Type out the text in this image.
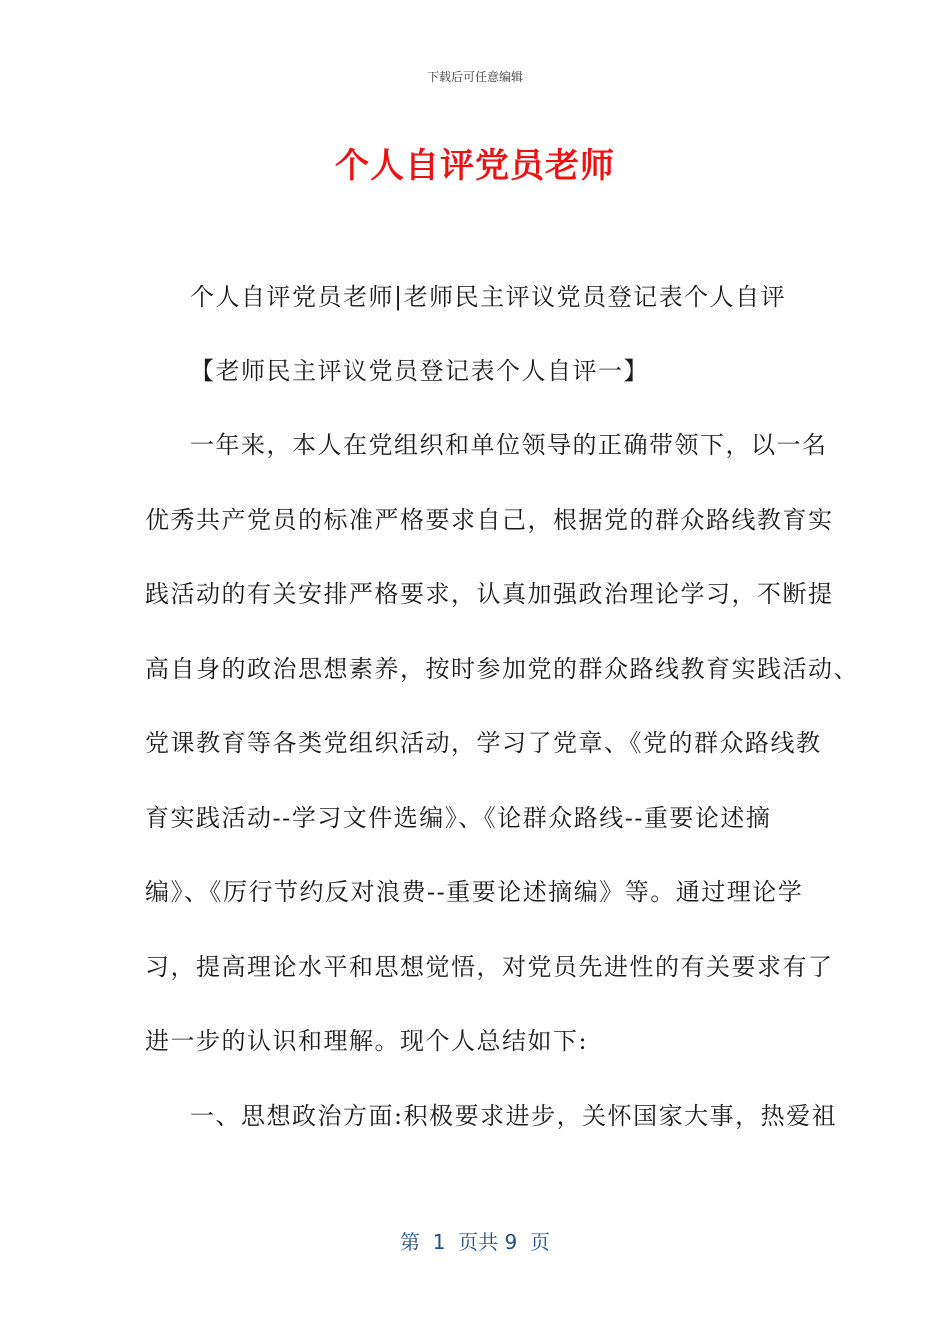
下载后可任意编辑
个人自评党员老师
个人自评党员老师|老师民主评议党员登记表个人自评
【老师民主评议党员登记表个人自评一】
一年来，本人在党组织和单位领导的正确带领下，以一名
优秀共产党员的标准严格要求自己，根据党的群众路线教育实
践活动的有关安排严格要求，认真加强政治理论学习，不断提
高自身的政治思想素养，按时参加党的群众路线教育实践活动、
党课教育等各类党组织活动，学习了党章、《党的群众路线教
育实践活动--学习文件选编》、《论群众路线--重要论述摘
编》、《厉行节约反对浪费--重要论述摘编》等。通过理论学
习，提高理论水平和思想觉悟，对党员先进性的有关要求有了
进一步的认识和理解。现个人总结如下:
一、思想政治方面:积极要求进步，关怀国家大事，热爱祖
第  1  页共 9  页
